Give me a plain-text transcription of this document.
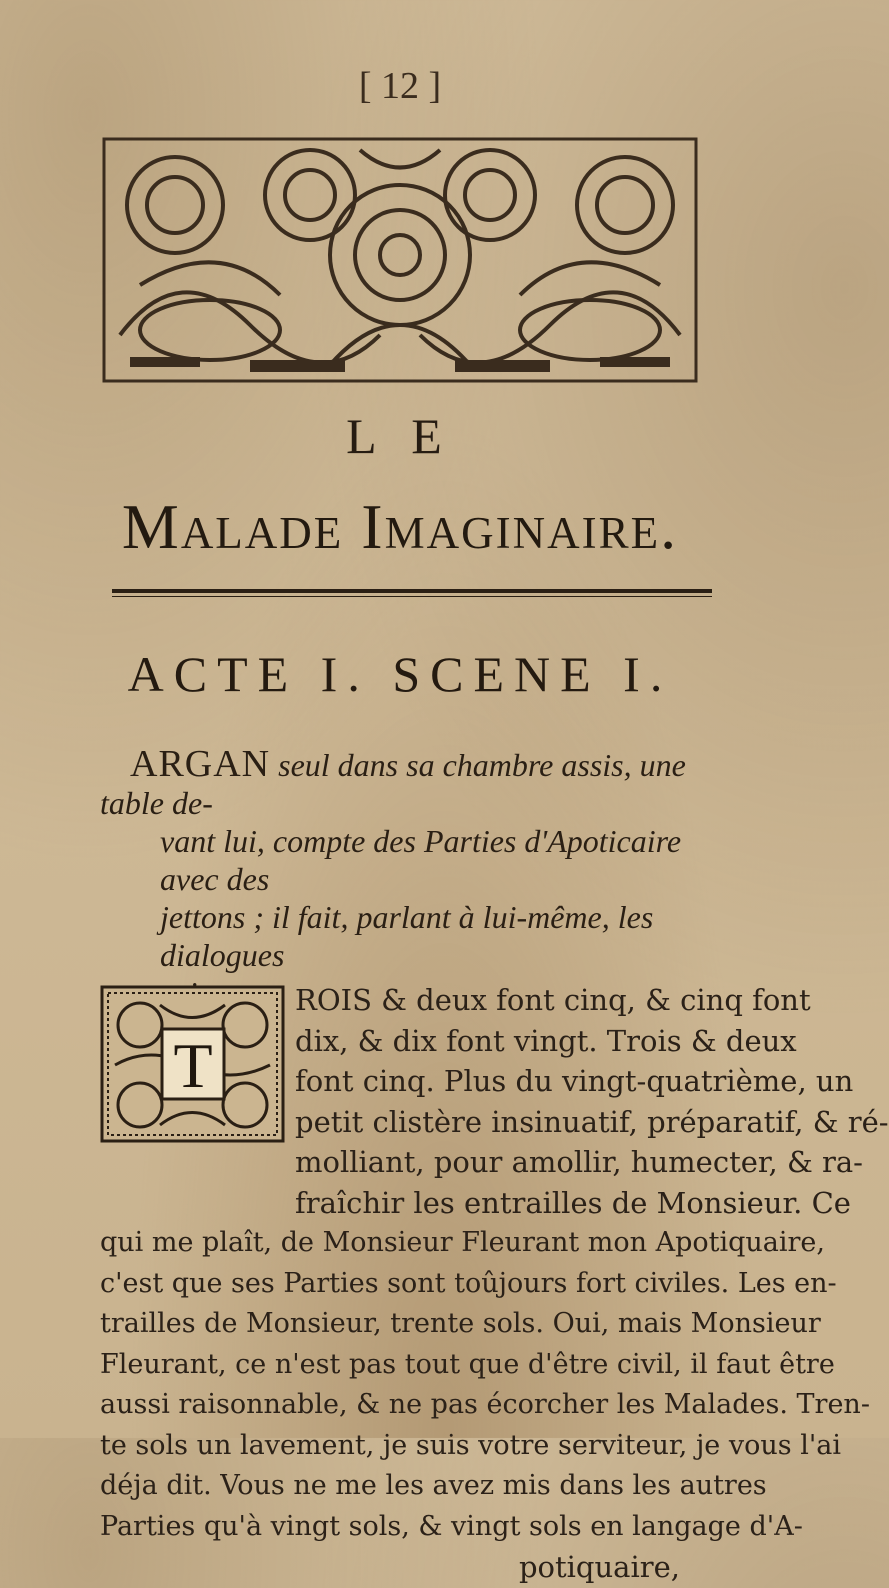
[ 12 ]
L E
Malade Imaginaire.
ACTE I. SCENE I.
ARGAN seul dans sa chambre assis, une table de-
vant lui, compte des Parties d'Apoticaire avec des
jettons ; il fait, parlant à lui-même, les dialogues
T
ROIS & deux font cinq, & cinq font
dix, & dix font vingt. Trois & deux
font cinq. Plus du vingt-quatrième, un
petit clistère insinuatif, préparatif, & ré-
molliant, pour amollir, humecter, & ra-
fraîchir les entrailles de Monsieur. Ce
qui me plaît, de Monsieur Fleurant mon Apotiquaire,
c'est que ses Parties sont toûjours fort civiles. Les en-
trailles de Monsieur, trente sols. Oui, mais Monsieur
Fleurant, ce n'est pas tout que d'être civil, il faut être
aussi raisonnable, & ne pas écorcher les Malades. Tren-
te sols un lavement, je suis votre serviteur, je vous l'ai
déja dit. Vous ne me les avez mis dans les autres
Parties qu'à vingt sols, & vingt sols en langage d'A-
potiquaire,
